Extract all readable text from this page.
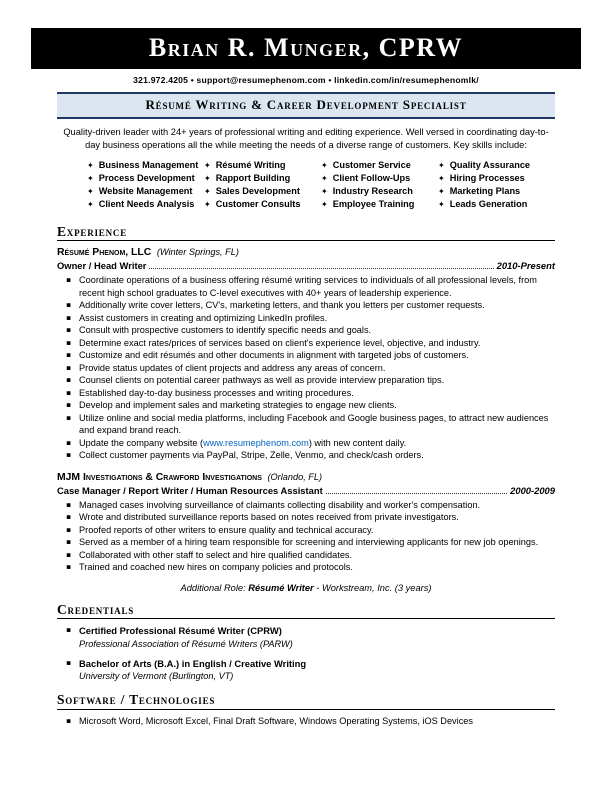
Brian R. Munger, CPRW
321.972.4205 • support@resumephenom.com • linkedin.com/in/resumephenomlk/
Résumé Writing & Career Development Specialist

Quality-driven leader with 24+ years of professional writing and editing experience. Well versed in coordinating day-to-day business operations all the while meeting the needs of a diverse range of customers. Key skills include:

✦ Business Management
✦ Process Development
✦ Website Management
✦ Client Needs Analysis
✦ Résumé Writing
✦ Rapport Building
✦ Sales Development
✦ Customer Consults
✦ Customer Service
✦ Client Follow-Ups
✦ Industry Research
✦ Employee Training
✦ Quality Assurance
✦ Hiring Processes
✦ Marketing Plans
✦ Leads Generation
Experience
Résumé Phenom, LLC (Winter Springs, FL)
Owner / Head Writer	2010-Present
▪ Coordinate operations of a business offering résumé writing services to individuals of all professional levels, from recent high school graduates to C-level executives with 40+ years of leadership experience.
▪ Additionally write cover letters, CV's, marketing letters, and thank you letters per customer requests.
▪ Assist customers in creating and optimizing LinkedIn profiles.
▪ Consult with prospective customers to identify specific needs and goals.
▪ Determine exact rates/prices of services based on client's experience level, objective, and industry.
▪ Customize and edit résumés and other documents in alignment with targeted jobs of customers.
▪ Provide status updates of client projects and address any areas of concern.
▪ Counsel clients on potential career pathways as well as provide interview preparation tips.
▪ Established day-to-day business processes and writing procedures.
▪ Develop and implement sales and marketing strategies to engage new clients.
▪ Utilize online and social media platforms, including Facebook and Google business pages, to attract new audiences and expand brand reach.
▪ Update the company website (www.resumephenom.com) with new content daily.
▪ Collect customer payments via PayPal, Stripe, Zelle, Venmo, and check/cash orders.
MJM Investigations & Crawford Investigations (Orlando, FL)
Case Manager / Report Writer / Human Resources Assistant	2000-2009
▪ Managed cases involving surveillance of claimants collecting disability and worker's compensation.
▪ Wrote and distributed surveillance reports based on notes received from private investigators.
▪ Proofed reports of other writers to ensure quality and technical accuracy.
▪ Served as a member of a hiring team responsible for screening and interviewing applicants for new job openings.
▪ Collaborated with other staff to select and hire qualified candidates.
▪ Trained and coached new hires on company policies and protocols.

Additional Role: Résumé Writer - Workstream, Inc. (3 years)

Credentials
▪ Certified Professional Résumé Writer (CPRW)
Professional Association of Résumé Writers (PARW)
▪ Bachelor of Arts (B.A.) in English / Creative Writing
University of Vermont (Burlington, VT)
Software / Technologies
▪ Microsoft Word, Microsoft Excel, Final Draft Software, Windows Operating Systems, iOS Devices
